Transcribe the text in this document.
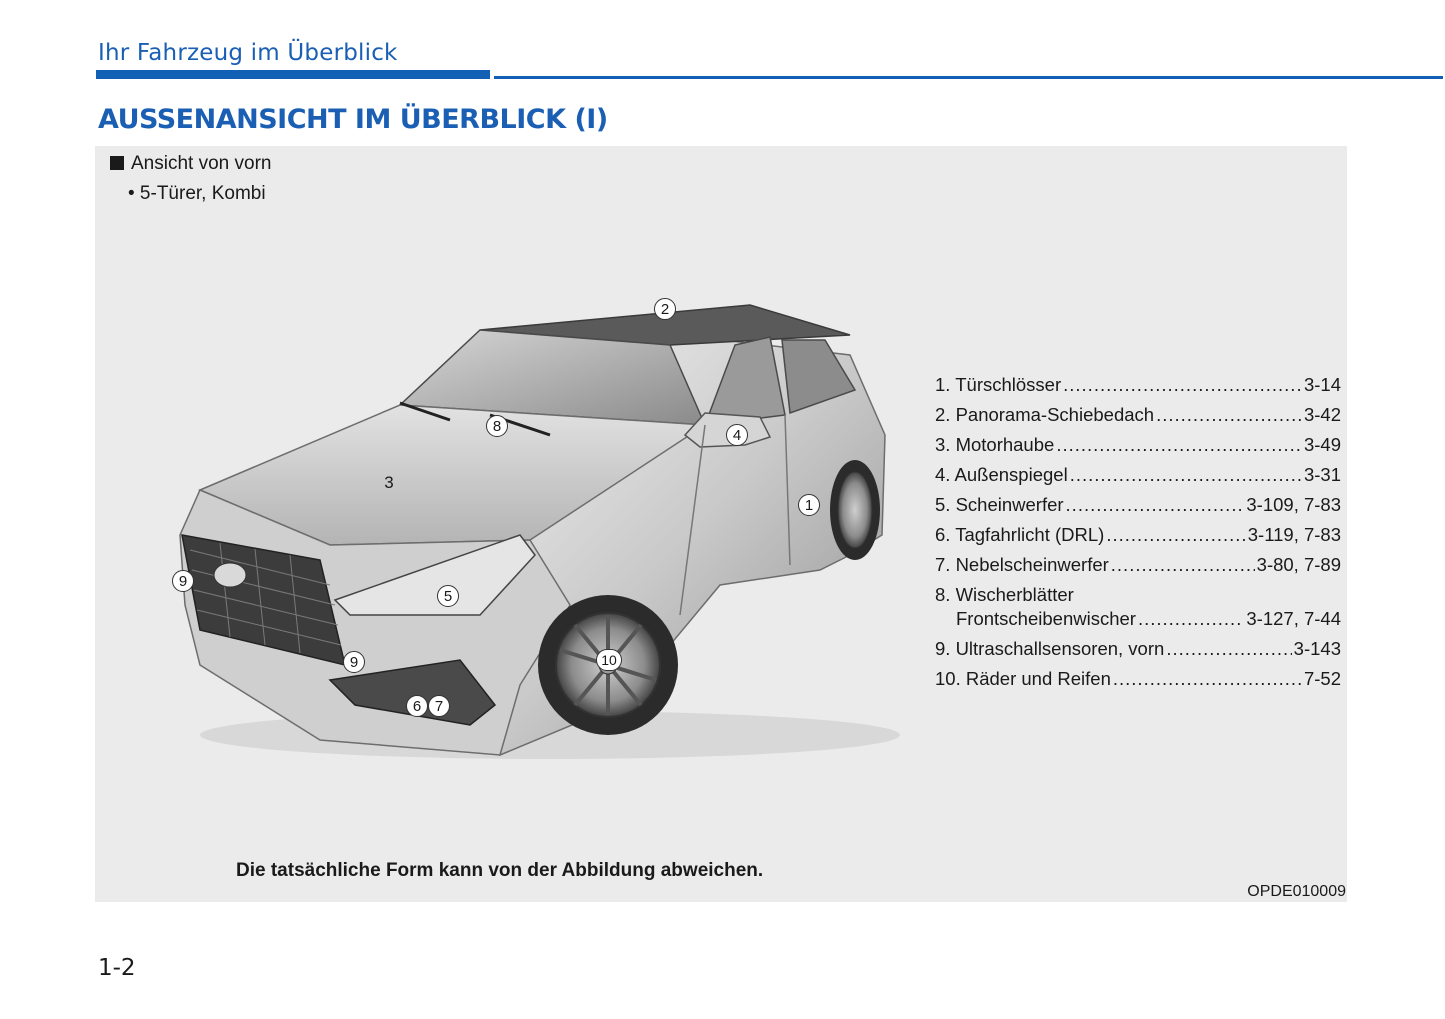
Ihr Fahrzeug im Überblick
AUSSENANSICHT IM ÜBERBLICK (I)
Ansicht von vorn
• 5-Türer, Kombi
1
2
3
4
5
6 7
8
9
9	10
1. Türschlösser .....	3-14
2. Panorama-Schiebedach .....	3-42
3. Motorhaube .....	3-49
4. Außenspiegel .....	3-31
5. Scheinwerfer .....	3-109, 7-83
6. Tagfahrlicht (DRL) .....	3-119, 7-83
7. Nebelscheinwerfer .....	3-80, 7-89
8. Wischerblätter
Frontscheibenwischer .....	3-127, 7-44
9. Ultraschallsensoren, vorn .....	3-143
10. Räder und Reifen .....	7-52
Die tatsächliche Form kann von der Abbildung abweichen.
OPDE010009
1-2
